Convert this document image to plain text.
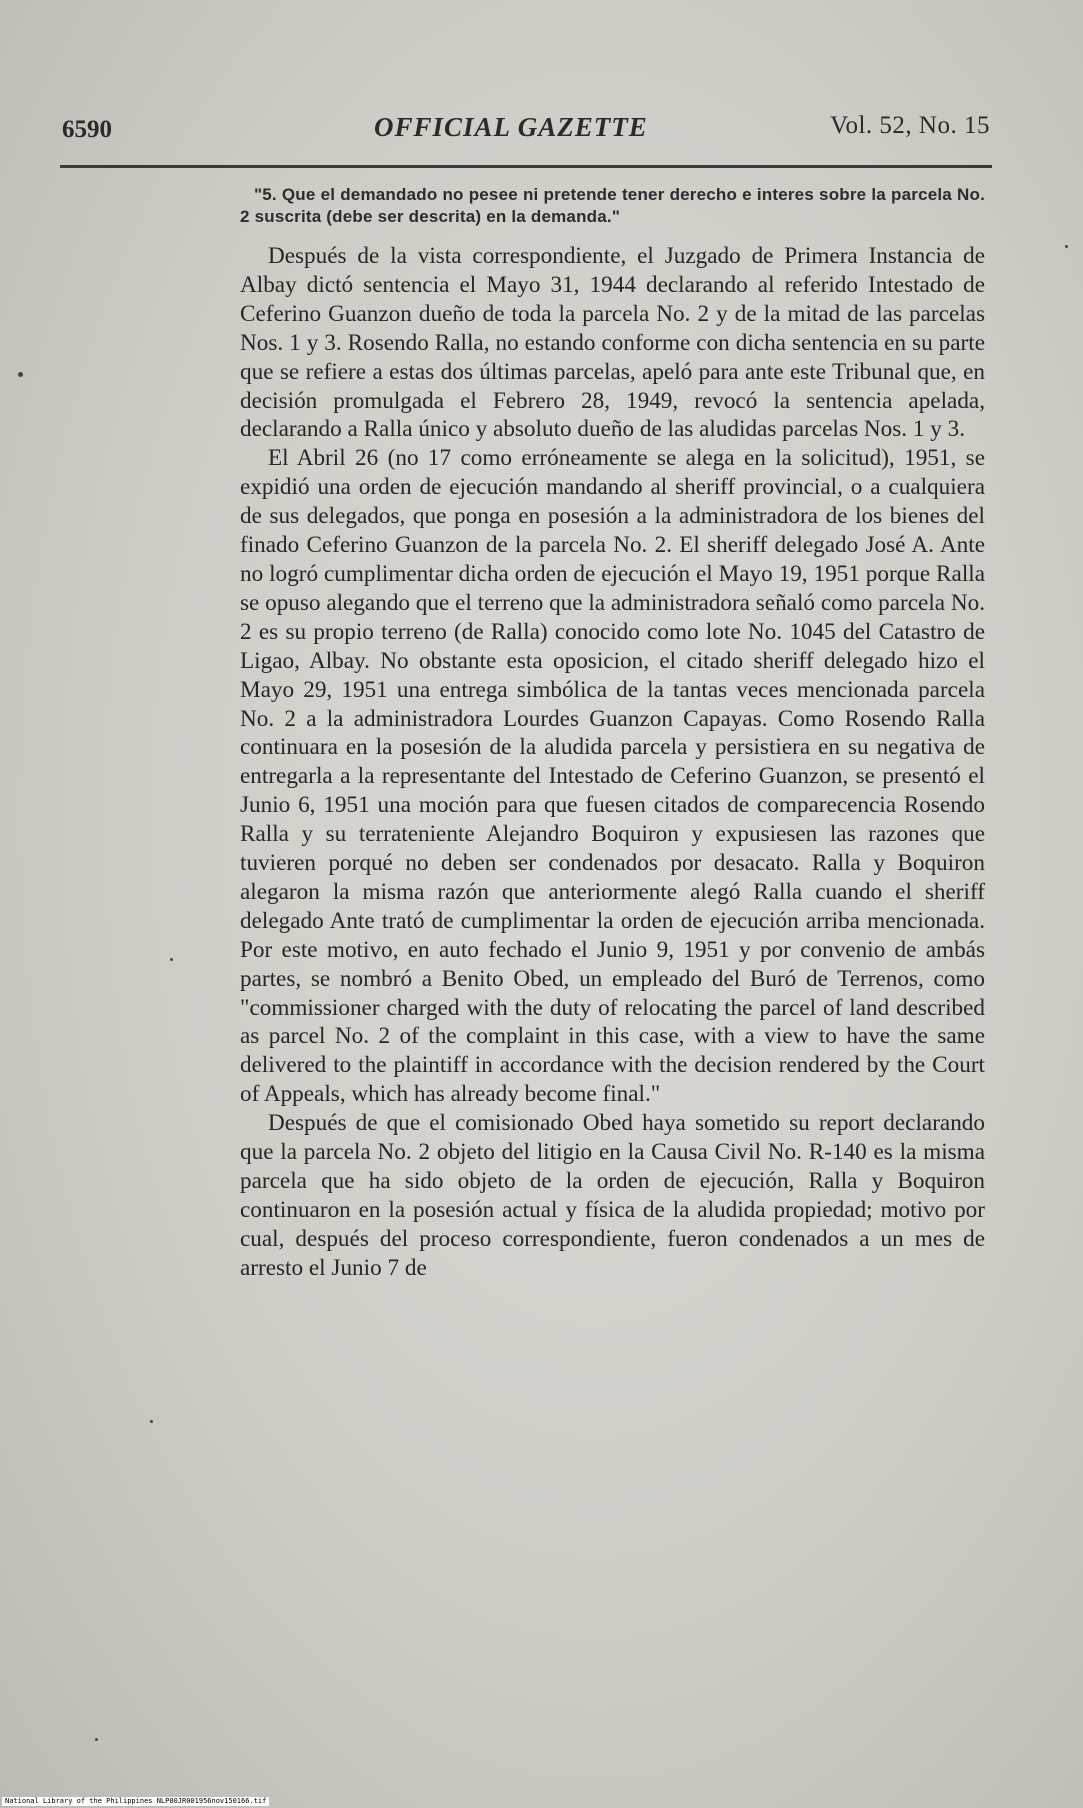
6590	OFFICIAL GAZETTE	Vol. 52, No. 15

"5. Que el demandado no pesee ni pretende tener derecho e interes sobre la parcela No. 2 suscrita (debe ser descrita) en la demanda."

Después de la vista correspondiente, el Juzgado de Primera Instancia de Albay dictó sentencia el Mayo 31, 1944 declarando al referido Intestado de Ceferino Guanzon dueño de toda la parcela No. 2 y de la mitad de las parcelas Nos. 1 y 3. Rosendo Ralla, no estando conforme con dicha sentencia en su parte que se refiere a estas dos últimas parcelas, apeló para ante este Tribunal que, en decisión promulgada el Febrero 28, 1949, revocó la sentencia apelada, declarando a Ralla único y absoluto dueño de las aludidas parcelas Nos. 1 y 3.

El Abril 26 (no 17 como erróneamente se alega en la solicitud), 1951, se expidió una orden de ejecución mandando al sheriff provincial, o a cualquiera de sus delegados, que ponga en posesión a la administradora de los bienes del finado Ceferino Guanzon de la parcela No. 2. El sheriff delegado José A. Ante no logró cumplimentar dicha orden de ejecución el Mayo 19, 1951 porque Ralla se opuso alegando que el terreno que la administradora señaló como parcela No. 2 es su propio terreno (de Ralla) conocido como lote No. 1045 del Catastro de Ligao, Albay. No obstante esta oposicion, el citado sheriff delegado hizo el Mayo 29, 1951 una entrega simbólica de la tantas veces mencionada parcela No. 2 a la administradora Lourdes Guanzon Capayas. Como Rosendo Ralla continuara en la posesión de la aludida parcela y persistiera en su negativa de entregarla a la representante del Intestado de Ceferino Guanzon, se presentó el Junio 6, 1951 una moción para que fuesen citados de comparecencia Rosendo Ralla y su terrateniente Alejandro Boquiron y expusiesen las razones que tuvieren porqué no deben ser condenados por desacato. Ralla y Boquiron alegaron la misma razón que anteriormente alegó Ralla cuando el sheriff delegado Ante trató de cumplimentar la orden de ejecución arriba mencionada. Por este motivo, en auto fechado el Junio 9, 1951 y por convenio de ambás partes, se nombró a Benito Obed, un empleado del Buró de Terrenos, como "commissioner charged with the duty of relocating the parcel of land described as parcel No. 2 of the complaint in this case, with a view to have the same delivered to the plaintiff in accordance with the decision rendered by the Court of Appeals, which has already become final."

Después de que el comisionado Obed haya sometido su report declarando que la parcela No. 2 objeto del litigio en la Causa Civil No. R-140 es la misma parcela que ha sido objeto de la orden de ejecución, Ralla y Boquiron continuaron en la posesión actual y física de la aludida propiedad; motivo por cual, después del proceso correspondiente, fueron condenados a un mes de arresto el Junio 7 de

National Library of the Philippines NLP00JR001956nov150166.tif
